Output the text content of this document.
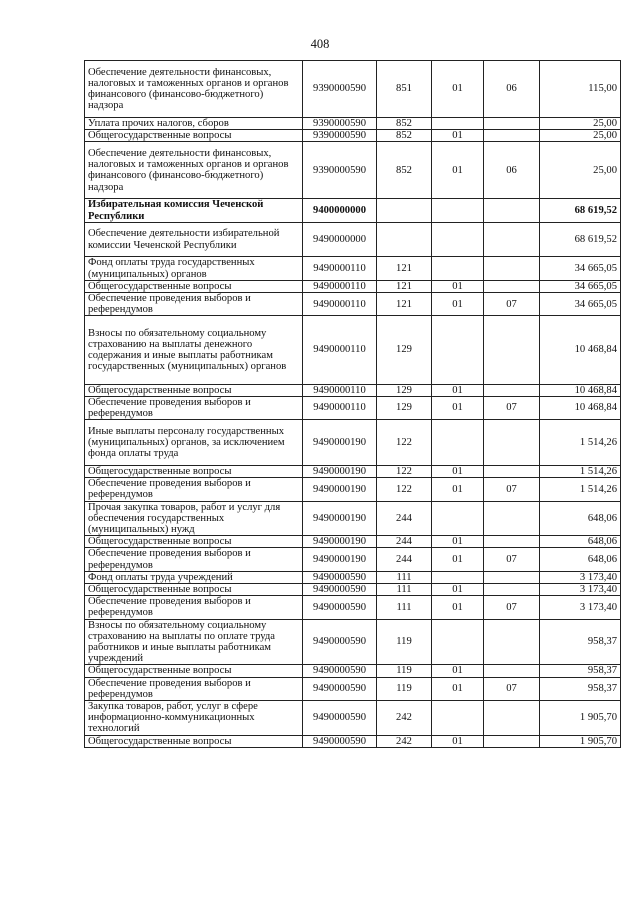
408
Обеспечение деятельности финансовых, налоговых и таможенных органов и органов финансового (финансово-бюджетного) надзора	9390000590	851	01	06	115,00
Уплата прочих налогов, сборов	9390000590	852			25,00
Общегосударственные вопросы	9390000590	852	01		25,00
Обеспечение деятельности финансовых, налоговых и таможенных органов и органов финансового (финансово-бюджетного) надзора	9390000590	852	01	06	25,00
Избирательная комиссия Чеченской Республики	9400000000				68 619,52
Обеспечение деятельности избирательной комиссии Чеченской Республики	9490000000				68 619,52
Фонд оплаты труда государственных (муниципальных) органов	9490000110	121			34 665,05
Общегосударственные вопросы	9490000110	121	01		34 665,05
Обеспечение проведения выборов и референдумов	9490000110	121	01	07	34 665,05
Взносы по обязательному социальному страхованию на выплаты денежного содержания и иные выплаты работникам государственных (муниципальных) органов	9490000110	129			10 468,84
Общегосударственные вопросы	9490000110	129	01		10 468,84
Обеспечение проведения выборов и референдумов	9490000110	129	01	07	10 468,84
Иные выплаты персоналу государственных (муниципальных) органов, за исключением фонда оплаты труда	9490000190	122			1 514,26
Общегосударственные вопросы	9490000190	122	01		1 514,26
Обеспечение проведения выборов и референдумов	9490000190	122	01	07	1 514,26
Прочая закупка товаров, работ и услуг для обеспечения государственных (муниципальных) нужд	9490000190	244			648,06
Общегосударственные вопросы	9490000190	244	01		648,06
Обеспечение проведения выборов и референдумов	9490000190	244	01	07	648,06
Фонд оплаты труда учреждений	9490000590	111			3 173,40
Общегосударственные вопросы	9490000590	111	01		3 173,40
Обеспечение проведения выборов и референдумов	9490000590	111	01	07	3 173,40
Взносы по обязательному социальному страхованию на выплаты по оплате труда работников и иные выплаты работникам учреждений	9490000590	119			958,37
Общегосударственные вопросы	9490000590	119	01		958,37
Обеспечение проведения выборов и референдумов	9490000590	119	01	07	958,37
Закупка товаров, работ, услуг в сфере информационно-коммуникационных технологий	9490000590	242			1 905,70
Общегосударственные вопросы	9490000590	242	01		1 905,70
